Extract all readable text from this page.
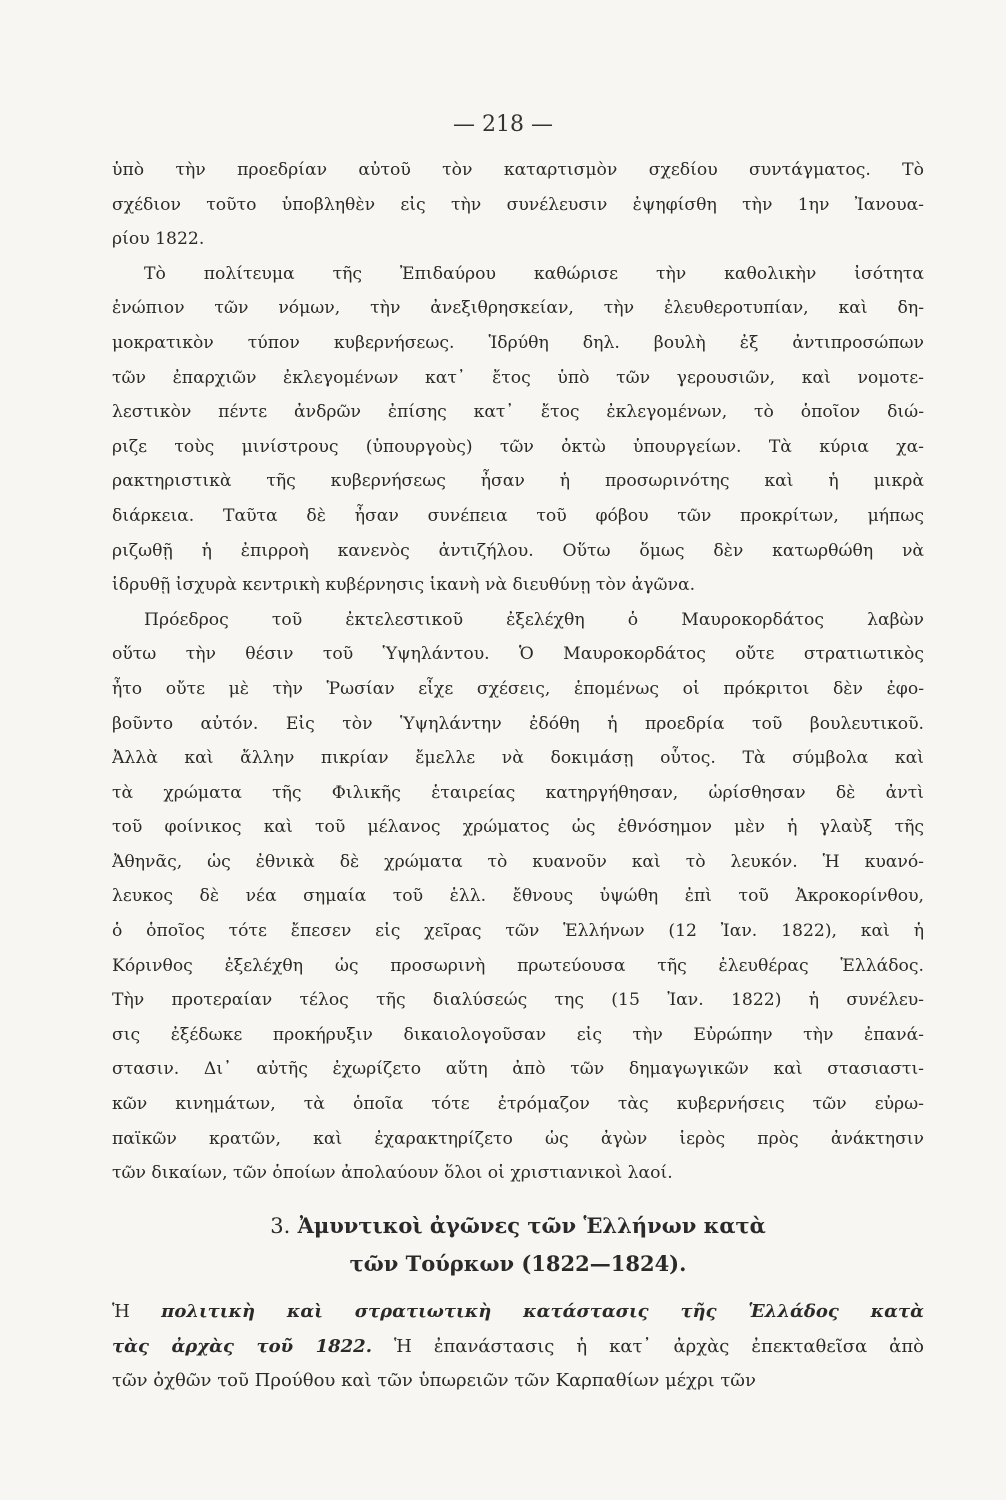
— 218 —
ὑπὸ τὴν προεδρίαν αὐτοῦ τὸν καταρτισμὸν σχεδίου συντάγματος. Τὸ
σχέδιον τοῦτο ὑποβληθὲν εἰς τὴν συνέλευσιν ἐψηφίσθη τὴν 1ην Ἰανουα-
ρίου 1822.
Τὸ πολίτευμα τῆς Ἐπιδαύρου καθώρισε τὴν καθολικὴν ἰσότητα
ἐνώπιον τῶν νόμων, τὴν ἀνεξιθρησκείαν, τὴν ἐλευθεροτυπίαν, καὶ δη-
μοκρατικὸν τύπον κυβερνήσεως. Ἱδρύθη δηλ. βουλὴ ἐξ ἀντιπροσώπων
τῶν ἐπαρχιῶν ἐκλεγομένων κατ᾿ ἔτος ὑπὸ τῶν γερουσιῶν, καὶ νομοτε-
λεστικὸν πέντε ἀνδρῶν ἐπίσης κατ᾿ ἔτος ἐκλεγομένων, τὸ ὁποῖον διώ-
ριζε τοὺς μινίστρους (ὑπουργοὺς) τῶν ὀκτὼ ὑπουργείων. Τὰ κύρια χα-
ρακτηριστικὰ τῆς κυβερνήσεως ἦσαν ἡ προσωρινότης καὶ ἡ μικρὰ
διάρκεια. Ταῦτα δὲ ἦσαν συνέπεια τοῦ φόβου τῶν προκρίτων, μήπως
ριζωθῇ ἡ ἐπιρροὴ κανενὸς ἀντιζήλου. Οὕτω ὅμως δὲν κατωρθώθη νὰ
ἱδρυθῇ ἰσχυρὰ κεντρικὴ κυβέρνησις ἱκανὴ νὰ διευθύνῃ τὸν ἀγῶνα.
Πρόεδρος τοῦ ἐκτελεστικοῦ ἐξελέχθη ὁ Μαυροκορδάτος λαβὼν
οὕτω τὴν θέσιν τοῦ Ὑψηλάντου. Ὁ Μαυροκορδάτος οὔτε στρατιωτικὸς
ἦτο οὔτε μὲ τὴν Ῥωσίαν εἶχε σχέσεις, ἑπομένως οἱ πρόκριτοι δὲν ἐφο-
βοῦντο αὐτόν. Εἰς τὸν Ὑψηλάντην ἐδόθη ἡ προεδρία τοῦ βουλευτικοῦ.
Ἀλλὰ καὶ ἄλλην πικρίαν ἔμελλε νὰ δοκιμάσῃ οὗτος. Τὰ σύμβολα καὶ
τὰ χρώματα τῆς Φιλικῆς ἑταιρείας κατηργήθησαν, ὡρίσθησαν δὲ ἀντὶ
τοῦ φοίνικος καὶ τοῦ μέλανος χρώματος ὡς ἐθνόσημον μὲν ἡ γλαὺξ τῆς
Ἀθηνᾶς, ὡς ἐθνικὰ δὲ χρώματα τὸ κυανοῦν καὶ τὸ λευκόν. Ἡ κυανό-
λευκος δὲ νέα σημαία τοῦ ἑλλ. ἔθνους ὑψώθη ἐπὶ τοῦ Ἀκροκορίνθου,
ὁ ὁποῖος τότε ἔπεσεν εἰς χεῖρας τῶν Ἑλλήνων (12 Ἰαν. 1822), καὶ ἡ
Κόρινθος ἐξελέχθη ὡς προσωρινὴ πρωτεύουσα τῆς ἐλευθέρας Ἑλλάδος.
Τὴν προτεραίαν τέλος τῆς διαλύσεώς της (15 Ἰαν. 1822) ἡ συνέλευ-
σις ἐξέδωκε προκήρυξιν δικαιολογοῦσαν εἰς τὴν Εὐρώπην τὴν ἐπανά-
στασιν. Δι᾿ αὐτῆς ἐχωρίζετο αὕτη ἀπὸ τῶν δημαγωγικῶν καὶ στασιαστι-
κῶν κινημάτων, τὰ ὁποῖα τότε ἐτρόμαζον τὰς κυβερνήσεις τῶν εὐρω-
παϊκῶν κρατῶν, καὶ ἐχαρακτηρίζετο ὡς ἀγὼν ἱερὸς πρὸς ἀνάκτησιν
τῶν δικαίων, τῶν ὁποίων ἀπολαύουν ὅλοι οἱ χριστιανικοὶ λαοί.
3. Ἀμυντικοὶ ἀγῶνες τῶν Ἑλλήνων κατὰ
τῶν Τούρκων (1822—1824).
Ἡ πολιτικὴ καὶ στρατιωτικὴ κατάστασις τῆς Ἑλλάδος κατὰ
τὰς ἀρχὰς τοῦ 1822. Ἡ ἐπανάστασις ἡ κατ᾿ ἀρχὰς ἐπεκταθεῖσα ἀπὸ
τῶν ὀχθῶν τοῦ Προύθου καὶ τῶν ὑπωρειῶν τῶν Καρπαθίων μέχρι τῶν
